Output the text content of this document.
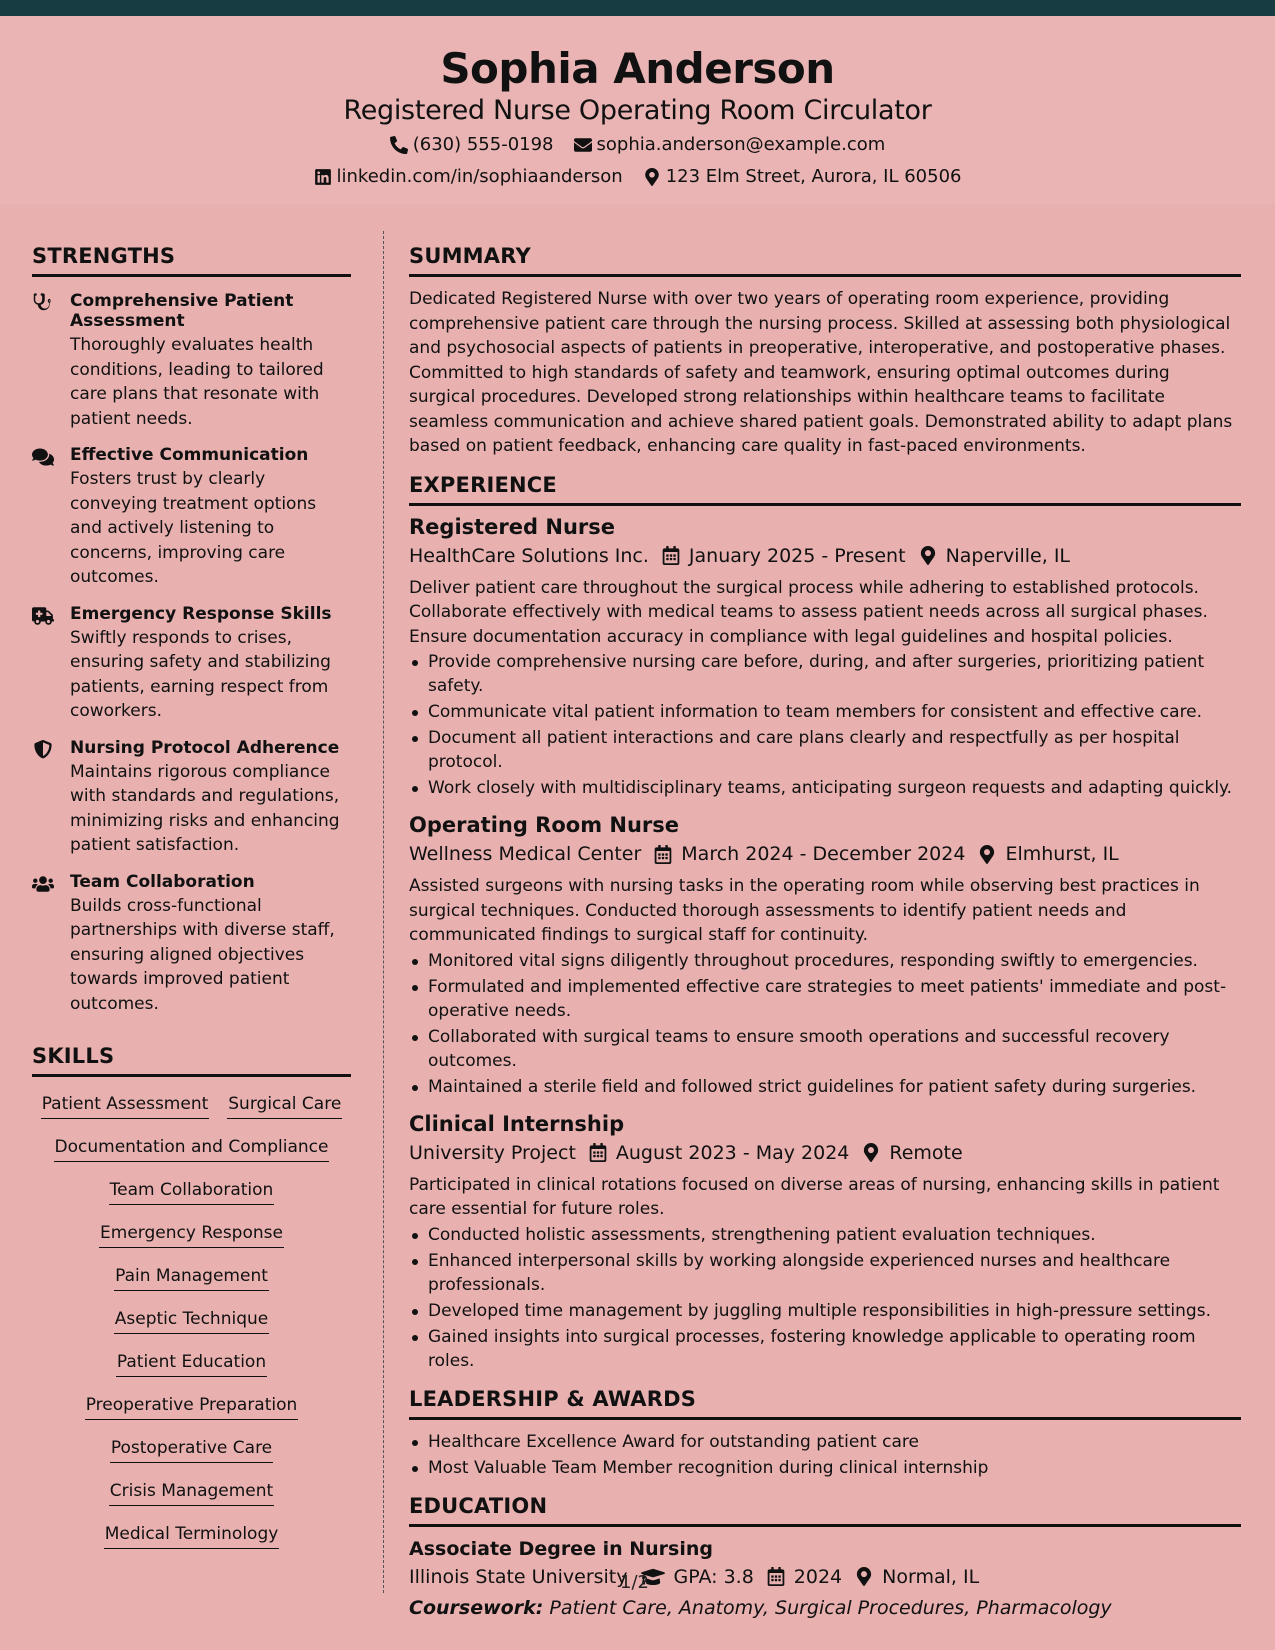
Sophia Anderson
Registered Nurse Operating Room Circulator
(630) 555-0198 sophia.anderson@example.com
linkedin.com/in/sophiaanderson 123 Elm Street, Aurora, IL 60506
STRENGTHS
Comprehensive Patient Assessment
Thoroughly evaluates health conditions, leading to tailored care plans that resonate with patient needs.
Effective Communication
Fosters trust by clearly conveying treatment options and actively listening to concerns, improving care outcomes.
Emergency Response Skills
Swiftly responds to crises, ensuring safety and stabilizing patients, earning respect from coworkers.
Nursing Protocol Adherence
Maintains rigorous compliance with standards and regulations, minimizing risks and enhancing patient satisfaction.
Team Collaboration
Builds cross-functional partnerships with diverse staff, ensuring aligned objectives towards improved patient outcomes.
SKILLS
Patient Assessment Surgical Care
Documentation and Compliance
Team Collaboration
Emergency Response
Pain Management
Aseptic Technique
Patient Education
Preoperative Preparation
Postoperative Care
Crisis Management
Medical Terminology
SUMMARY
Dedicated Registered Nurse with over two years of operating room experience, providing comprehensive patient care through the nursing process. Skilled at assessing both physiological and psychosocial aspects of patients in preoperative, interoperative, and postoperative phases. Committed to high standards of safety and teamwork, ensuring optimal outcomes during surgical procedures. Developed strong relationships within healthcare teams to facilitate seamless communication and achieve shared patient goals. Demonstrated ability to adapt plans based on patient feedback, enhancing care quality in fast-paced environments.
EXPERIENCE
Registered Nurse
HealthCare Solutions Inc. January 2025 - Present Naperville, IL
Deliver patient care throughout the surgical process while adhering to established protocols. Collaborate effectively with medical teams to assess patient needs across all surgical phases. Ensure documentation accuracy in compliance with legal guidelines and hospital policies.
Provide comprehensive nursing care before, during, and after surgeries, prioritizing patient safety.
Communicate vital patient information to team members for consistent and effective care.
Document all patient interactions and care plans clearly and respectfully as per hospital protocol.
Work closely with multidisciplinary teams, anticipating surgeon requests and adapting quickly.
Operating Room Nurse
Wellness Medical Center March 2024 - December 2024 Elmhurst, IL
Assisted surgeons with nursing tasks in the operating room while observing best practices in surgical techniques. Conducted thorough assessments to identify patient needs and communicated findings to surgical staff for continuity.
Monitored vital signs diligently throughout procedures, responding swiftly to emergencies.
Formulated and implemented effective care strategies to meet patients' immediate and post-operative needs.
Collaborated with surgical teams to ensure smooth operations and successful recovery outcomes.
Maintained a sterile field and followed strict guidelines for patient safety during surgeries.
Clinical Internship
University Project August 2023 - May 2024 Remote
Participated in clinical rotations focused on diverse areas of nursing, enhancing skills in patient care essential for future roles.
Conducted holistic assessments, strengthening patient evaluation techniques.
Enhanced interpersonal skills by working alongside experienced nurses and healthcare professionals.
Developed time management by juggling multiple responsibilities in high-pressure settings.
Gained insights into surgical processes, fostering knowledge applicable to operating room roles.
LEADERSHIP & AWARDS
Healthcare Excellence Award for outstanding patient care
Most Valuable Team Member recognition during clinical internship
EDUCATION
Associate Degree in Nursing
Illinois State University GPA: 3.8 2024 Normal, IL
Coursework: Patient Care, Anatomy, Surgical Procedures, Pharmacology
1/2
